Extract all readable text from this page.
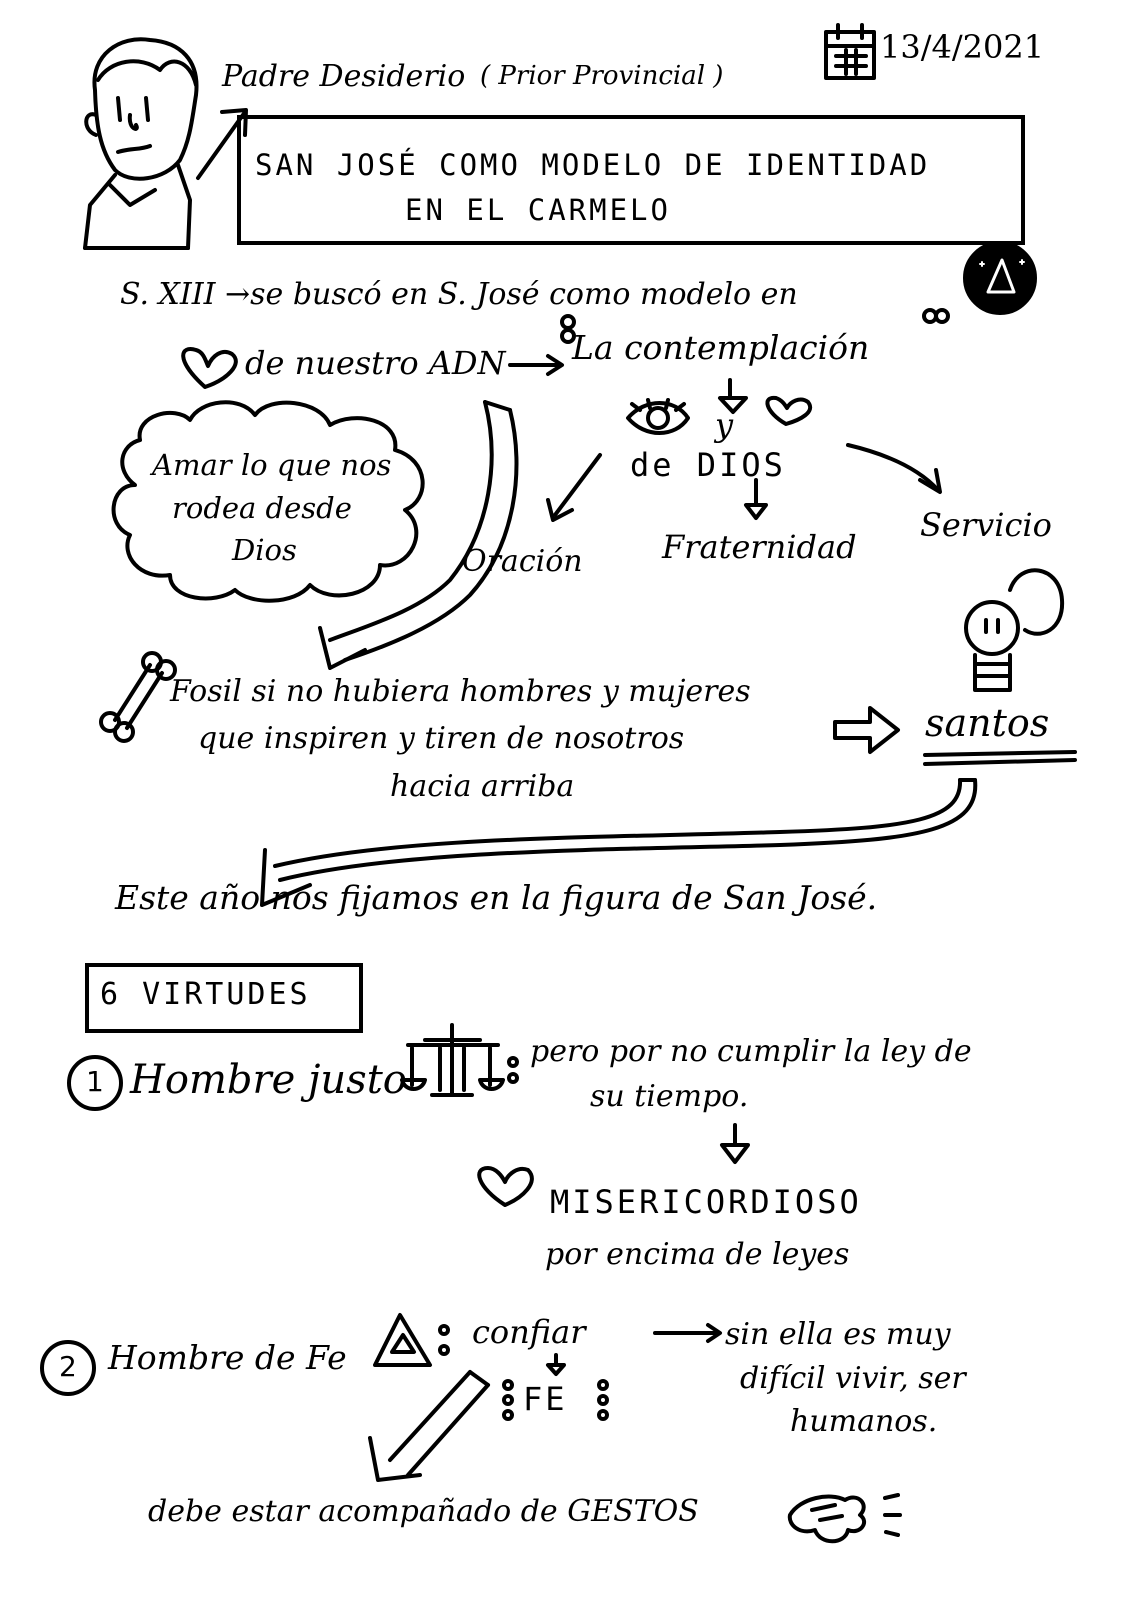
Padre Desiderio ( Prior Provincial )
13/4/2021
SAN JOSÉ COMO MODELO DE IDENTIDAD
EN EL CARMELO
S. XIII →se buscó en S. José como modelo en
de nuestro ADN La contemplación
Amar lo que nos
rodea desde
Dios
y
de DIOS
Oración Fraternidad
Servicio
Fosil si no hubiera hombres y mujeres
que inspiren y tiren de nosotros
hacia arriba
santos
Este año nos fijamos en la figura de San José.
6 VIRTUDES
1 Hombre justo
pero por no cumplir la ley de
su tiempo.
MISERICORDIOSO
por encima de leyes
2 Hombre de Fe
confiar
FE
sin ella es muy
difícil vivir, ser
humanos.
debe estar acompañado de GESTOS
